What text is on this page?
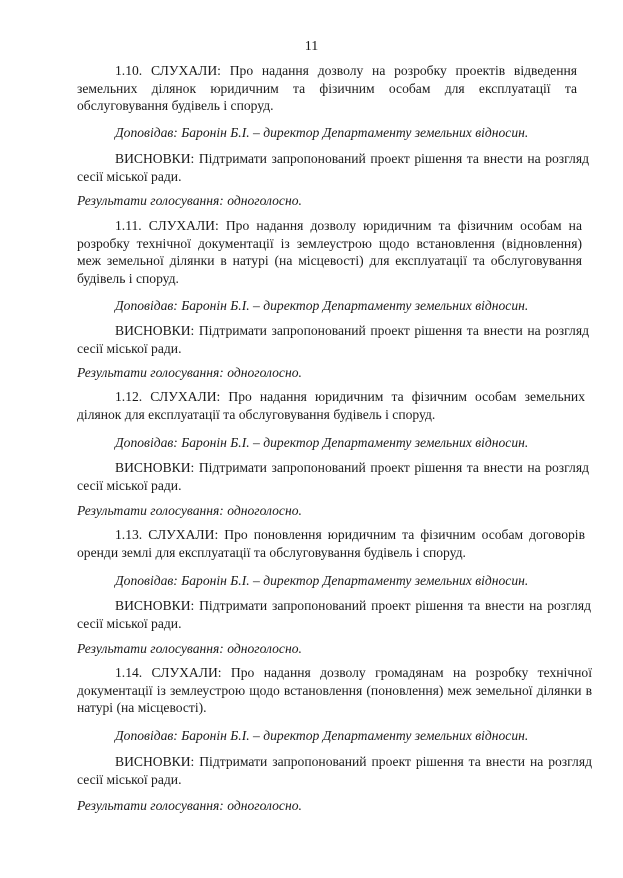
11
1.10. СЛУХАЛИ: Про надання дозволу на розробку проектів відведення земельних ділянок юридичним та фізичним особам для експлуатації та обслуговування будівель і споруд.
Доповідав: Баронін Б.І. – директор Департаменту земельних відносин.
ВИСНОВКИ: Підтримати запропонований проект рішення та внести на розгляд сесії міської ради.
Результати голосування: одноголосно.
1.11. СЛУХАЛИ: Про надання дозволу юридичним та фізичним особам на розробку технічної документації із землеустрою щодо встановлення (відновлення) меж земельної ділянки в натурі (на місцевості) для експлуатації та обслуговування будівель і споруд.
Доповідав: Баронін Б.І. – директор Департаменту земельних відносин.
ВИСНОВКИ: Підтримати запропонований проект рішення та внести на розгляд сесії міської ради.
Результати голосування: одноголосно.
1.12. СЛУХАЛИ: Про надання юридичним та фізичним особам земельних ділянок для експлуатації та обслуговування будівель і споруд.
Доповідав: Баронін Б.І. – директор Департаменту земельних відносин.
ВИСНОВКИ: Підтримати запропонований проект рішення та внести на розгляд сесії міської ради.
Результати голосування: одноголосно.
1.13. СЛУХАЛИ: Про поновлення юридичним та фізичним особам договорів оренди землі для експлуатації та обслуговування будівель і споруд.
Доповідав: Баронін Б.І. – директор Департаменту земельних відносин.
ВИСНОВКИ: Підтримати запропонований проект рішення та внести на розгляд сесії міської ради.
Результати голосування: одноголосно.
1.14. СЛУХАЛИ: Про надання дозволу громадянам на розробку технічної документації із землеустрою щодо встановлення (поновлення) меж земельної ділянки в натурі (на місцевості).
Доповідав: Баронін Б.І. – директор Департаменту земельних відносин.
ВИСНОВКИ: Підтримати запропонований проект рішення та внести на розгляд сесії міської ради.
Результати голосування: одноголосно.
